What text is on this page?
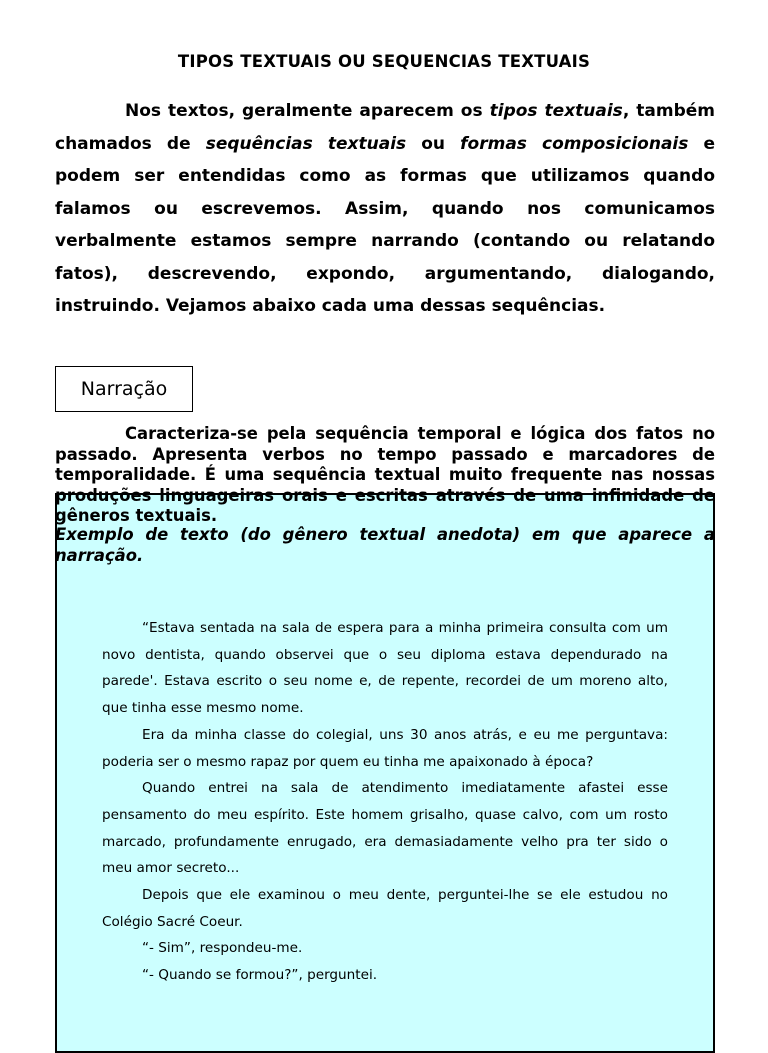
TIPOS TEXTUAIS OU SEQUENCIAS TEXTUAIS

Nos textos, geralmente aparecem os tipos textuais, também chamados de sequências textuais ou formas composicionais e podem ser entendidas como as formas que utilizamos quando falamos ou escrevemos. Assim, quando nos comunicamos verbalmente estamos sempre narrando (contando ou relatando fatos), descrevendo, expondo, argumentando, dialogando, instruindo. Vejamos abaixo cada uma dessas sequências.

Narração

Caracteriza-se pela sequência temporal e lógica dos fatos no passado. Apresenta verbos no tempo passado e marcadores de temporalidade. É uma sequência textual muito frequente nas nossas produções linguageiras orais e escritas através de uma infinidade de gêneros textuais.

Exemplo de texto (do gênero textual anedota) em que aparece a narração.

“Estava sentada na sala de espera para a minha primeira consulta com um novo dentista, quando observei que o seu diploma estava dependurado na parede'. Estava escrito o seu nome e, de repente, recordei de um moreno alto, que tinha esse mesmo nome.

Era da minha classe do colegial, uns 30 anos atrás, e eu me perguntava: poderia ser o mesmo rapaz por quem eu tinha me apaixonado à época?

Quando entrei na sala de atendimento imediatamente afastei esse pensamento do meu espírito. Este homem grisalho, quase calvo, com um rosto marcado, profundamente enrugado, era demasiadamente velho pra ter sido o meu amor secreto...

Depois que ele examinou o meu dente, perguntei-lhe se ele estudou no Colégio Sacré Coeur.

“- Sim”, respondeu-me.

“- Quando se formou?”, perguntei.
